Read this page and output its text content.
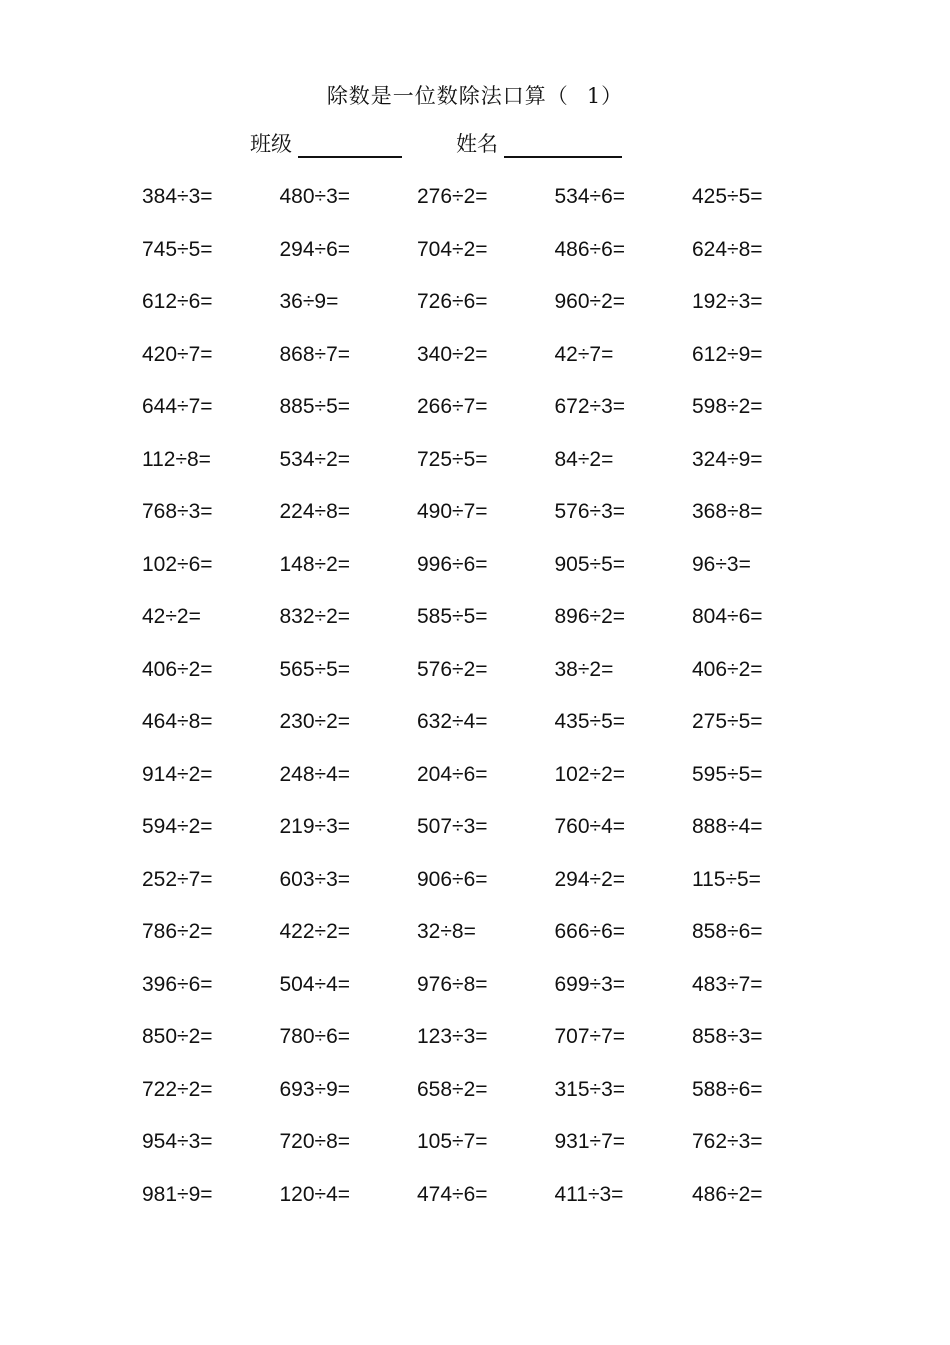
除数是一位数除法口算（ 1）
班级	姓名
384÷3=	480÷3=	276÷2=	534÷6=	425÷5=
745÷5=	294÷6=	704÷2=	486÷6=	624÷8=
612÷6=	36÷9=	726÷6=	960÷2=	192÷3=
420÷7=	868÷7=	340÷2=	42÷7=	612÷9=
644÷7=	885÷5=	266÷7=	672÷3=	598÷2=
112÷8=	534÷2=	725÷5=	84÷2=	324÷9=
768÷3=	224÷8=	490÷7=	576÷3=	368÷8=
102÷6=	148÷2=	996÷6=	905÷5=	96÷3=
42÷2=	832÷2=	585÷5=	896÷2=	804÷6=
406÷2=	565÷5=	576÷2=	38÷2=	406÷2=
464÷8=	230÷2=	632÷4=	435÷5=	275÷5=
914÷2=	248÷4=	204÷6=	102÷2=	595÷5=
594÷2=	219÷3=	507÷3=	760÷4=	888÷4=
252÷7=	603÷3=	906÷6=	294÷2=	115÷5=
786÷2=	422÷2=	32÷8=	666÷6=	858÷6=
396÷6=	504÷4=	976÷8=	699÷3=	483÷7=
850÷2=	780÷6=	123÷3=	707÷7=	858÷3=
722÷2=	693÷9=	658÷2=	315÷3=	588÷6=
954÷3=	720÷8=	105÷7=	931÷7=	762÷3=
981÷9=	120÷4=	474÷6=	411÷3=	486÷2=
